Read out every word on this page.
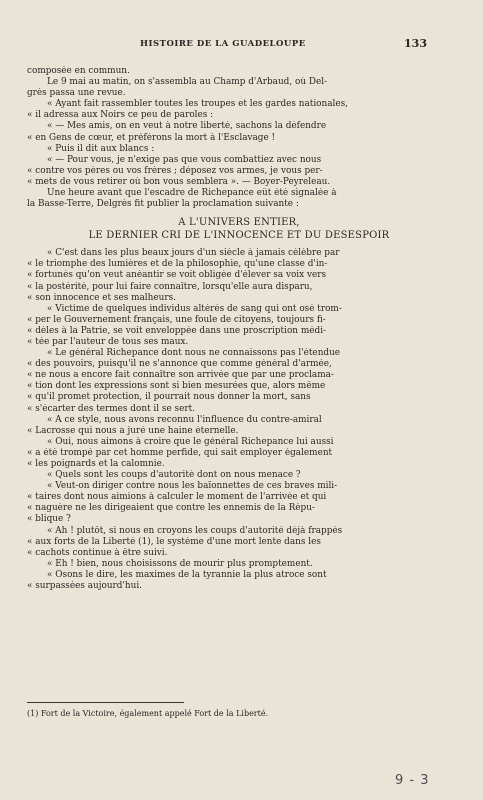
HISTOIRE DE LA GUADELOUPE	133
composée en commun.
Le 9 mai au matin, on s'assembla au Champ d'Arbaud, où Del-
grès passa une revue.
« Ayant fait rassembler toutes les troupes et les gardes nationales,
« il adressa aux Noirs ce peu de paroles :
« — Mes amis, on en veut à notre liberté, sachons la défendre
« en Gens de cœur, et préférons la mort à l'Esclavage !
« Puis il dit aux blancs :
« — Pour vous, je n'exige pas que vous combattiez avec nous
« contre vos pères ou vos frères ; déposez vos armes, je vous per-
« mets de vous retirer où bon vous semblera ». — Boyer-Peyreleau.
Une heure avant que l'escadre de Richepance eût été signalée à
la Basse-Terre, Delgrès fit publier la proclamation suivante :
A L'UNIVERS ENTIER,
LE DERNIER CRI DE L'INNOCENCE ET DU DESESPOIR
« C'est dans les plus beaux jours d'un siècle à jamais célèbre par
« le triomphe des lumières et de la philosophie, qu'une classe d'in-
« fortunés qu'on veut anéantir se voit obligée d'élever sa voix vers
« la postérité, pour lui faire connaître, lorsqu'elle aura disparu,
« son innocence et ses malheurs.
« Victime de quelques individus altérés de sang qui ont osé trom-
« per le Gouvernement français, une foule de citoyens, toujours fi-
« dèles à la Patrie, se voit enveloppée dans une proscription médi-
« tée par l'auteur de tous ses maux.
« Le général Richepance dont nous ne connaissons pas l'étendue
« des pouvoirs, puisqu'il ne s'annonce que comme général d'armée,
« ne nous a encore fait connaître son arrivée que par une proclama-
« tion dont les expressions sont si bien mesurées que, alors même
« qu'il promet protection, il pourrait nous donner la mort, sans
« s'écarter des termes dont il se sert.
« A ce style, nous avons reconnu l'influence du contre-amiral
« Lacrosse qui nous a juré une haine éternelle.
« Oui, nous aimons à croire que le général Richepance lui aussi
« a été trompé par cet homme perfide, qui sait employer également
« les poignards et la calomnie.
« Quels sont les coups d'autorité dont on nous menace ?
« Veut-on diriger contre nous les baïonnettes de ces braves mili-
« taires dont nous aimions à calculer le moment de l'arrivée et qui
« naguère ne les dirigeaient que contre les ennemis de la Répu-
« blique ?
« Ah ! plutôt, si nous en croyons les coups d'autorité déjà frappés
« aux forts de la Liberté (1), le système d'une mort lente dans les
« cachots continue à être suivi.
« Eh ! bien, nous choisissons de mourir plus promptement.
« Osons le dire, les maximes de la tyrannie la plus atroce sont
« surpassées aujourd'hui.
(1) Fort de la Victoire, également appelé Fort de la Liberté.
9 - 3
